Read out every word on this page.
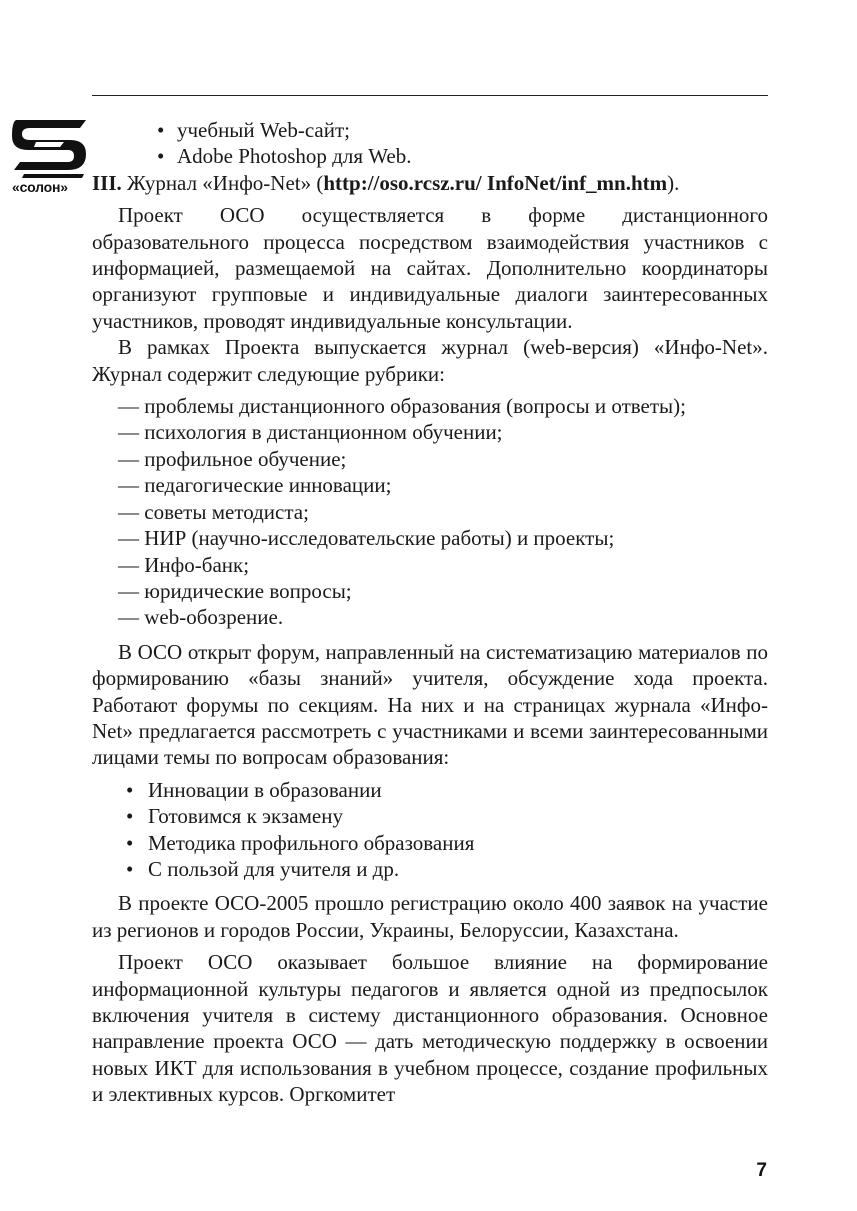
«солон»
• учебный Web-сайт;
• Adobe Photoshop для Web.
III. Журнал «Инфо-Net» (http://oso.rcsz.ru/ InfoNet/inf_mn.htm).

Проект ОСО осуществляется в форме дистанционного образовательного процесса посредством взаимодействия участников с информацией, размещаемой на сайтах. Дополнительно координаторы организуют групповые и индивидуальные диалоги заинтересованных участников, проводят индивидуальные консультации.

В рамках Проекта выпускается журнал (web-версия) «Инфо-Net». Журнал содержит следующие рубрики:

— проблемы дистанционного образования (вопросы и ответы);
— психология в дистанционном обучении;
— профильное обучение;
— педагогические инновации;
— советы методиста;
— НИР (научно-исследовательские работы) и проекты;
— Инфо-банк;
— юридические вопросы;
— web-обозрение.

В ОСО открыт форум, направленный на систематизацию материалов по формированию «базы знаний» учителя, обсуждение хода проекта. Работают форумы по секциям. На них и на страницах журнала «Инфо-Net» предлагается рассмотреть с участниками и всеми заинтересованными лицами темы по вопросам образования:

• Инновации в образовании
• Готовимся к экзамену
• Методика профильного образования
• С пользой для учителя и др.

В проекте ОСО-2005 прошло регистрацию около 400 заявок на участие из регионов и городов России, Украины, Белоруссии, Казахстана.

Проект ОСО оказывает большое влияние на формирование информационной культуры педагогов и является одной из предпосылок включения учителя в систему дистанционного образования. Основное направление проекта ОСО — дать методическую поддержку в освоении новых ИКТ для использования в учебном процессе, создание профильных и элективных курсов. Оргкомитет

7
